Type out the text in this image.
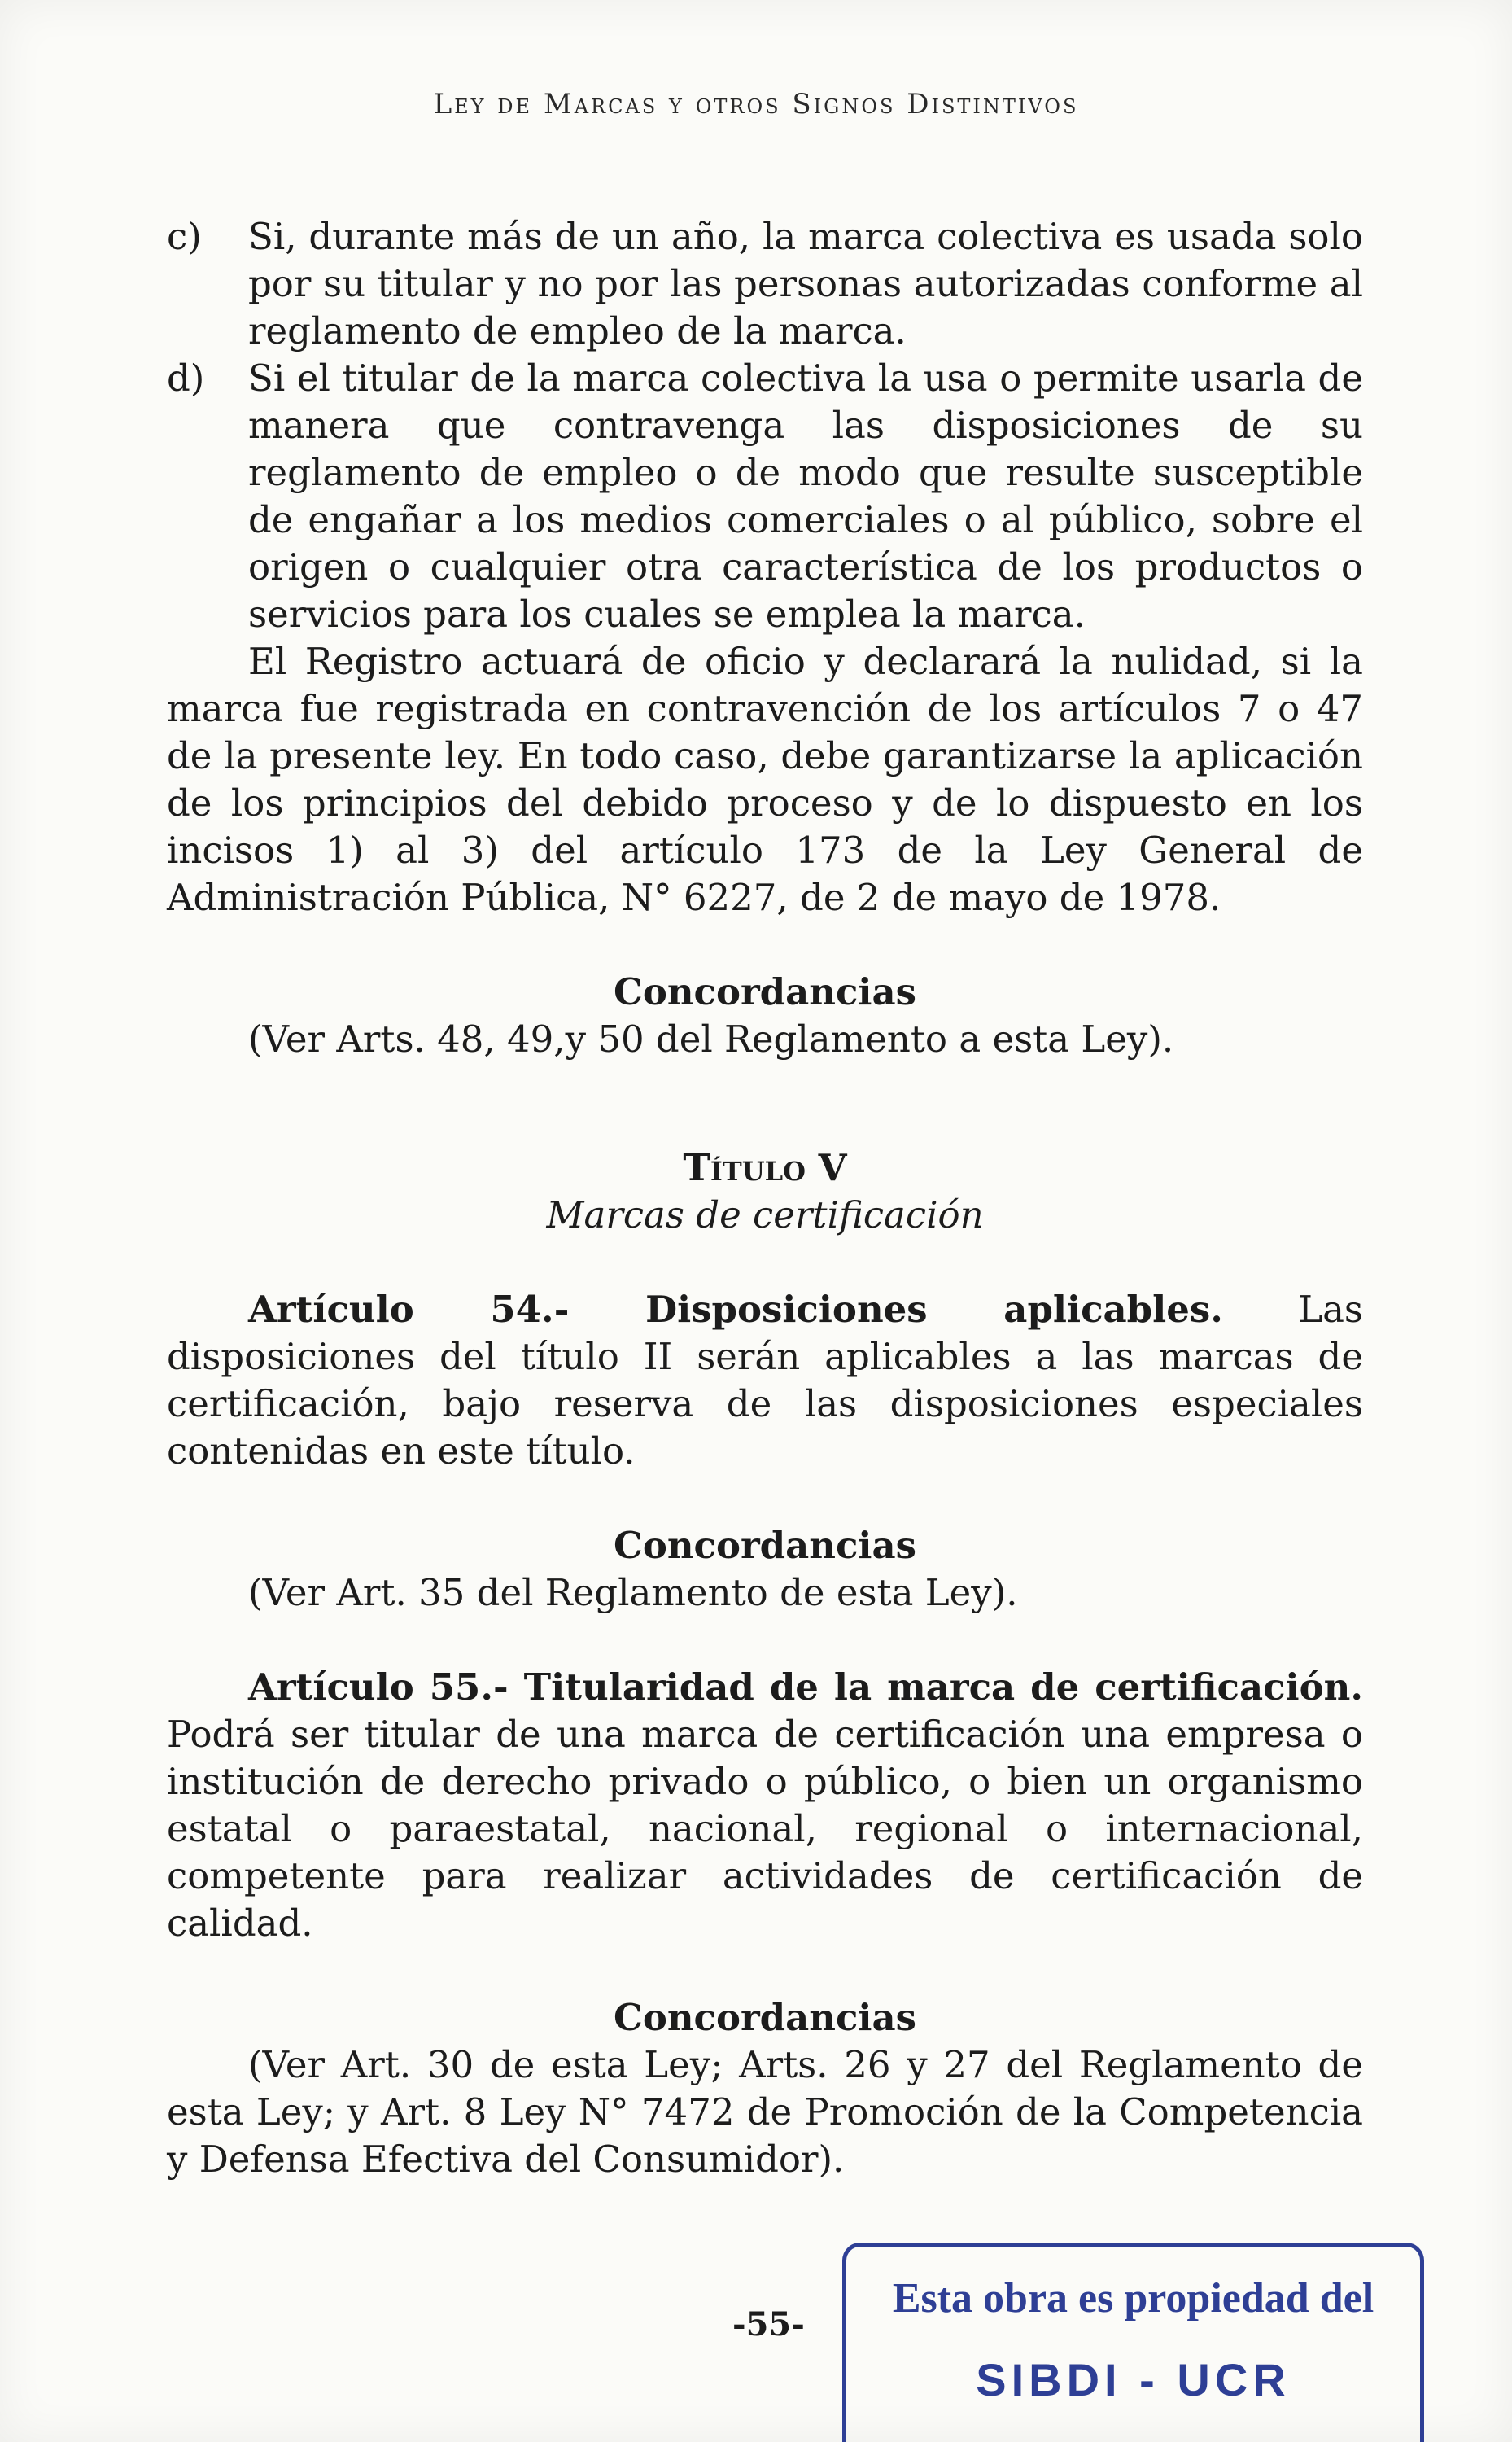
Ley de Marcas y otros Signos Distintivos
c) Si, durante más de un año, la marca colectiva es usada solo por su titular y no por las personas autorizadas conforme al reglamento de empleo de la marca.

d) Si el titular de la marca colectiva la usa o permite usarla de manera que contravenga las disposiciones de su reglamento de empleo o de modo que resulte susceptible de engañar a los medios comerciales o al público, sobre el origen o cualquier otra característica de los productos o servicios para los cuales se emplea la marca.

El Registro actuará de oficio y declarará la nulidad, si la marca fue registrada en contravención de los artículos 7 o 47 de la presente ley. En todo caso, debe garantizarse la aplicación de los principios del debido proceso y de lo dispuesto en los incisos 1) al 3) del artículo 173 de la Ley General de Administración Pública, N° 6227, de 2 de mayo de 1978.

Concordancias

(Ver Arts. 48, 49,y 50 del Reglamento a esta Ley).

Título V

Marcas de certificación

Artículo 54.- Disposiciones aplicables. Las disposiciones del título II serán aplicables a las marcas de certificación, bajo reserva de las disposiciones especiales contenidas en este título.

Concordancias

(Ver Art. 35 del Reglamento de esta Ley).

Artículo 55.- Titularidad de la marca de certificación. Podrá ser titular de una marca de certificación una empresa o institución de derecho privado o público, o bien un organismo estatal o paraestatal, nacional, regional o internacional, competente para realizar actividades de certificación de calidad.

Concordancias

(Ver Art. 30 de esta Ley; Arts. 26 y 27 del Reglamento de esta Ley; y Art. 8 Ley N° 7472 de Promoción de la Competencia y Defensa Efectiva del Consumidor).

-55-
Esta obra es propiedad del
SIBDI - UCR
